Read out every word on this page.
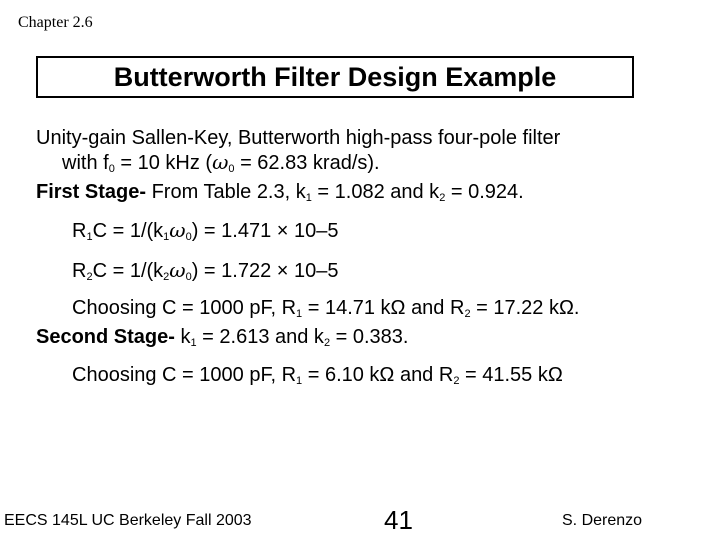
Chapter 2.6
Butterworth Filter Design Example
Unity-gain Sallen-Key, Butterworth high-pass four-pole filter
with $f_0 = 10$ kHz ($\omega_0 = 62.83$ krad/s).
First Stage- From Table 2.3, $k_1 = 1.082$ and $k_2 = 0.924$.
$R_1C = 1/(k_1\omega_0) = 1.471 \times 10-5$
$R_2C = 1/(k_2\omega_0) = 1.722 \times 10-5$
Choosing C = 1000 pF, $R_1 = 14.71$ kΩ and $R_2 = 17.22$ kΩ.
Second Stage- $k_1 = 2.613$ and $k_2 = 0.383$.
Choosing C = 1000 pF, $R_1 = 6.10$ kΩ and $R_2 = 41.55$ kΩ
EECS 145L UC Berkeley Fall 2003	41	S. Derenzo
